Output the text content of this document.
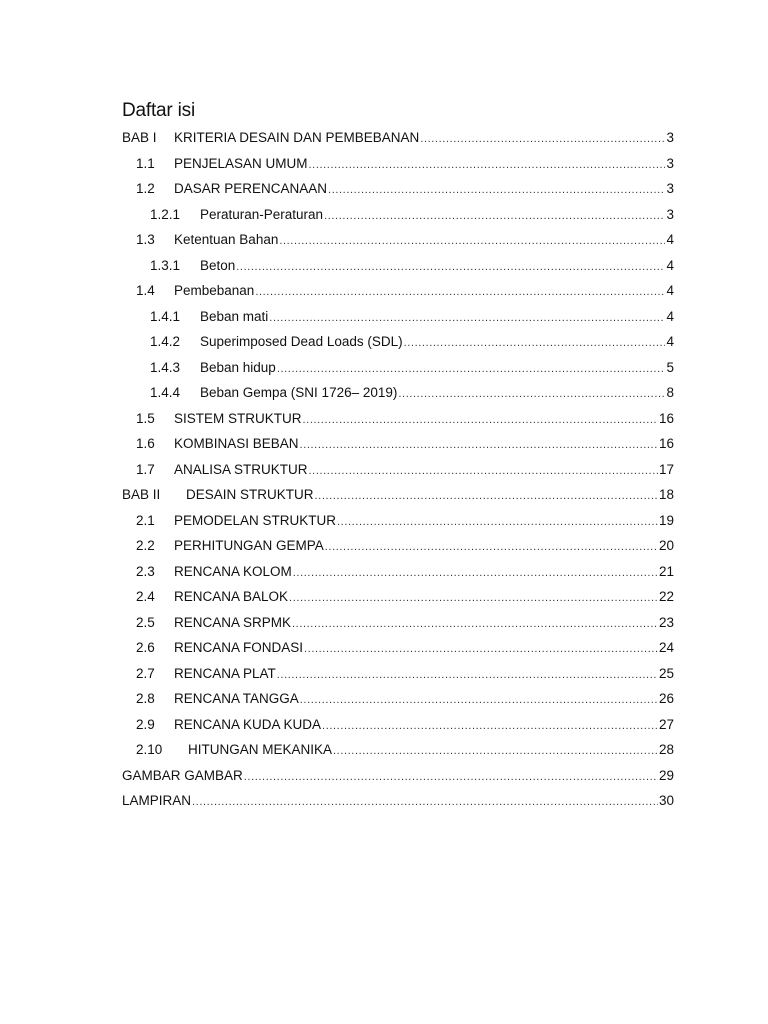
Daftar isi
BAB I	KRITERIA DESAIN DAN PEMBEBANAN .....	3
1.1	PENJELASAN UMUM .....	3
1.2	DASAR PERENCANAAN .....	3
1.2.1	Peraturan-Peraturan .....	3
1.3	Ketentuan Bahan .....	4
1.3.1	Beton .....	4
1.4	Pembebanan .....	4
1.4.1	Beban mati .....	4
1.4.2	Superimposed Dead Loads (SDL) .....	4
1.4.3	Beban hidup .....	5
1.4.4	Beban Gempa (SNI 1726– 2019) .....	8
1.5	SISTEM STRUKTUR .....	16
1.6	KOMBINASI BEBAN .....	16
1.7	ANALISA STRUKTUR .....	17
BAB II	DESAIN STRUKTUR .....	18
2.1	PEMODELAN STRUKTUR .....	19
2.2	PERHITUNGAN GEMPA .....	20
2.3	RENCANA KOLOM .....	21
2.4	RENCANA BALOK .....	22
2.5	RENCANA SRPMK .....	23
2.6	RENCANA FONDASI .....	24
2.7	RENCANA PLAT .....	25
2.8	RENCANA TANGGA .....	26
2.9	RENCANA KUDA KUDA .....	27
2.10	HITUNGAN MEKANIKA .....	28
GAMBAR GAMBAR .....	29
LAMPIRAN .....	30
